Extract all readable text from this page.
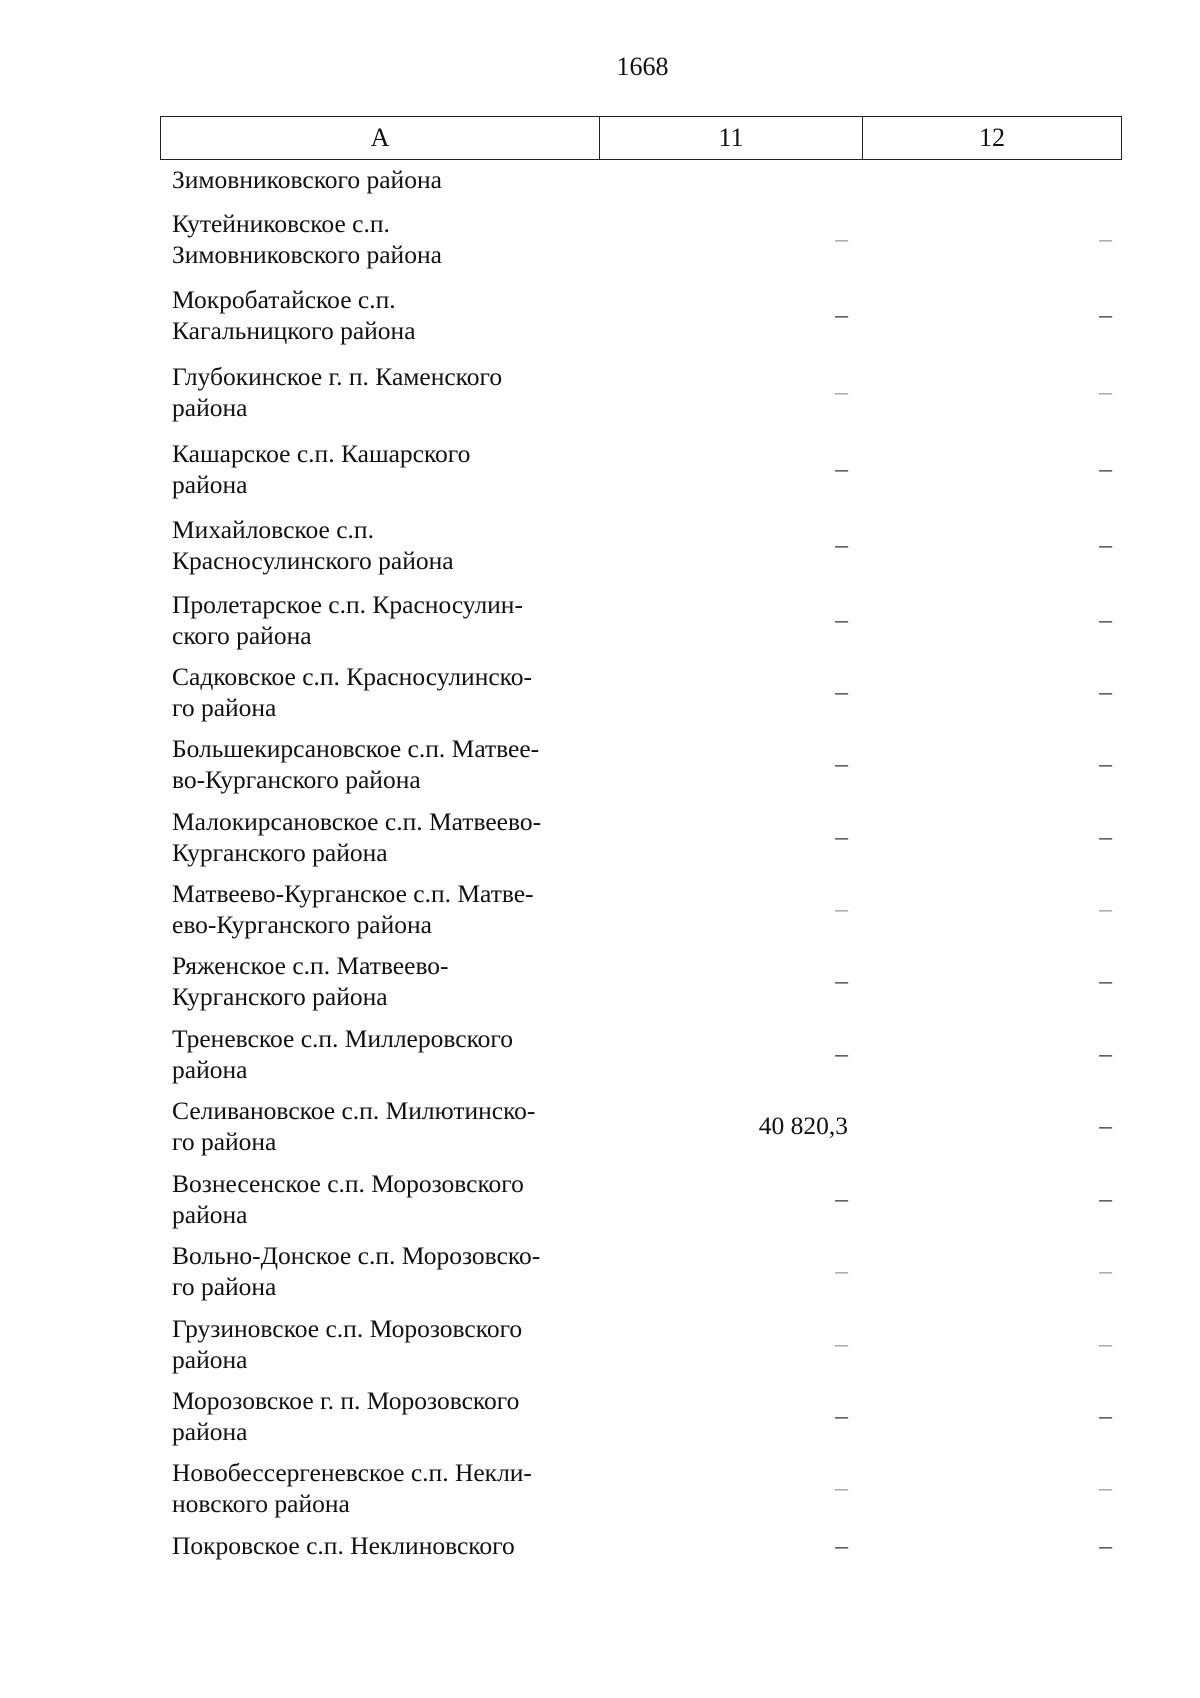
1668
A	11	12
Зимовниковского района
Кутейниковское с.п.
Зимовниковского района
–	–
Мокробатайское с.п.
Кагальницкого района
–	–
Глубокинское г. п. Каменского
района
–	–
Кашарское с.п. Кашарского
района
–	–
Михайловское с.п.
Красносулинского района
–	–
Пролетарское с.п. Красносулин-
ского района
–	–
Садковское с.п. Красносулинско-
го района
–	–
Большекирсановское с.п. Матвее-
во-Курганского района
–	–
Малокирсановское с.п. Матвеево-
Курганского района
–	–
Матвеево-Курганское с.п. Матве-
ево-Курганского района
–	–
Ряженское с.п. Матвеево-
Курганского района
–	–
Треневское с.п. Миллеровского
района
–	–
Селивановское с.п. Милютинско-
го района
40 820,3	–
Вознесенское с.п. Морозовского
района
–	–
Вольно-Донское с.п. Морозовско-
го района
–	–
Грузиновское с.п. Морозовского
района
–	–
Морозовское г. п. Морозовского
района
–	–
Новобессергеневское с.п. Некли-
новского района
–	–
Покровское с.п. Неклиновского	–	–
